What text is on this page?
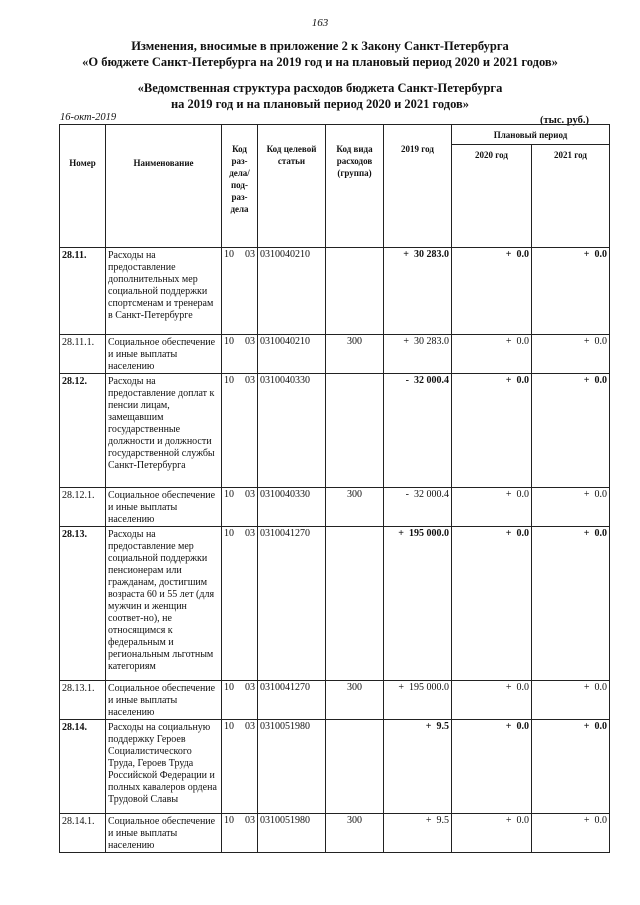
163
Изменения, вносимые в приложение 2 к Закону Санкт-Петербурга
«О бюджете Санкт-Петербурга на 2019 год и на плановый период 2020 и 2021 годов»
«Ведомственная структура расходов бюджета Санкт-Петербурга
на 2019 год и на плановый период 2020 и 2021 годов»
16-окт-2019	(тыс. руб.)
Номер	Наименование	Код раз- дела/ под- раз- дела		Код целевой статьи	Код вида расходов (группа)	2019 год	Плановый период	
							2020 год	2021 год
28.11.	Расходы на предоставление дополнительных мер социальной поддержки спортсменам и тренерам в Санкт-Петербурге	10	03	0310040210		+ 30 283.0	+ 0.0	+ 0.0
28.11.1.	Социальное обеспечение и иные выплаты населению	10	03	0310040210	300	+ 30 283.0	+ 0.0	+ 0.0
28.12.	Расходы на предоставление доплат к пенсии лицам, замещавшим государственные должности и должности государственной службы Санкт-Петербурга	10	03	0310040330		- 32 000.4	+ 0.0	+ 0.0
28.12.1.	Социальное обеспечение и иные выплаты населению	10	03	0310040330	300	- 32 000.4	+ 0.0	+ 0.0
28.13.	Расходы на предоставление мер социальной поддержки пенсионерам или гражданам, достигшим возраста 60 и 55 лет (для мужчин и женщин соответ-но), не относящимся к федеральным и региональным льготным категориям	10	03	0310041270		+ 195 000.0	+ 0.0	+ 0.0
28.13.1.	Социальное обеспечение и иные выплаты населению	10	03	0310041270	300	+ 195 000.0	+ 0.0	+ 0.0
28.14.	Расходы на социальную поддержку Героев Социалистического Труда, Героев Труда Российской Федерации и полных кавалеров ордена Трудовой Славы	10	03	0310051980		+ 9.5	+ 0.0	+ 0.0
28.14.1.	Социальное обеспечение и иные выплаты населению	10	03	0310051980	300	+ 9.5	+ 0.0	+ 0.0
